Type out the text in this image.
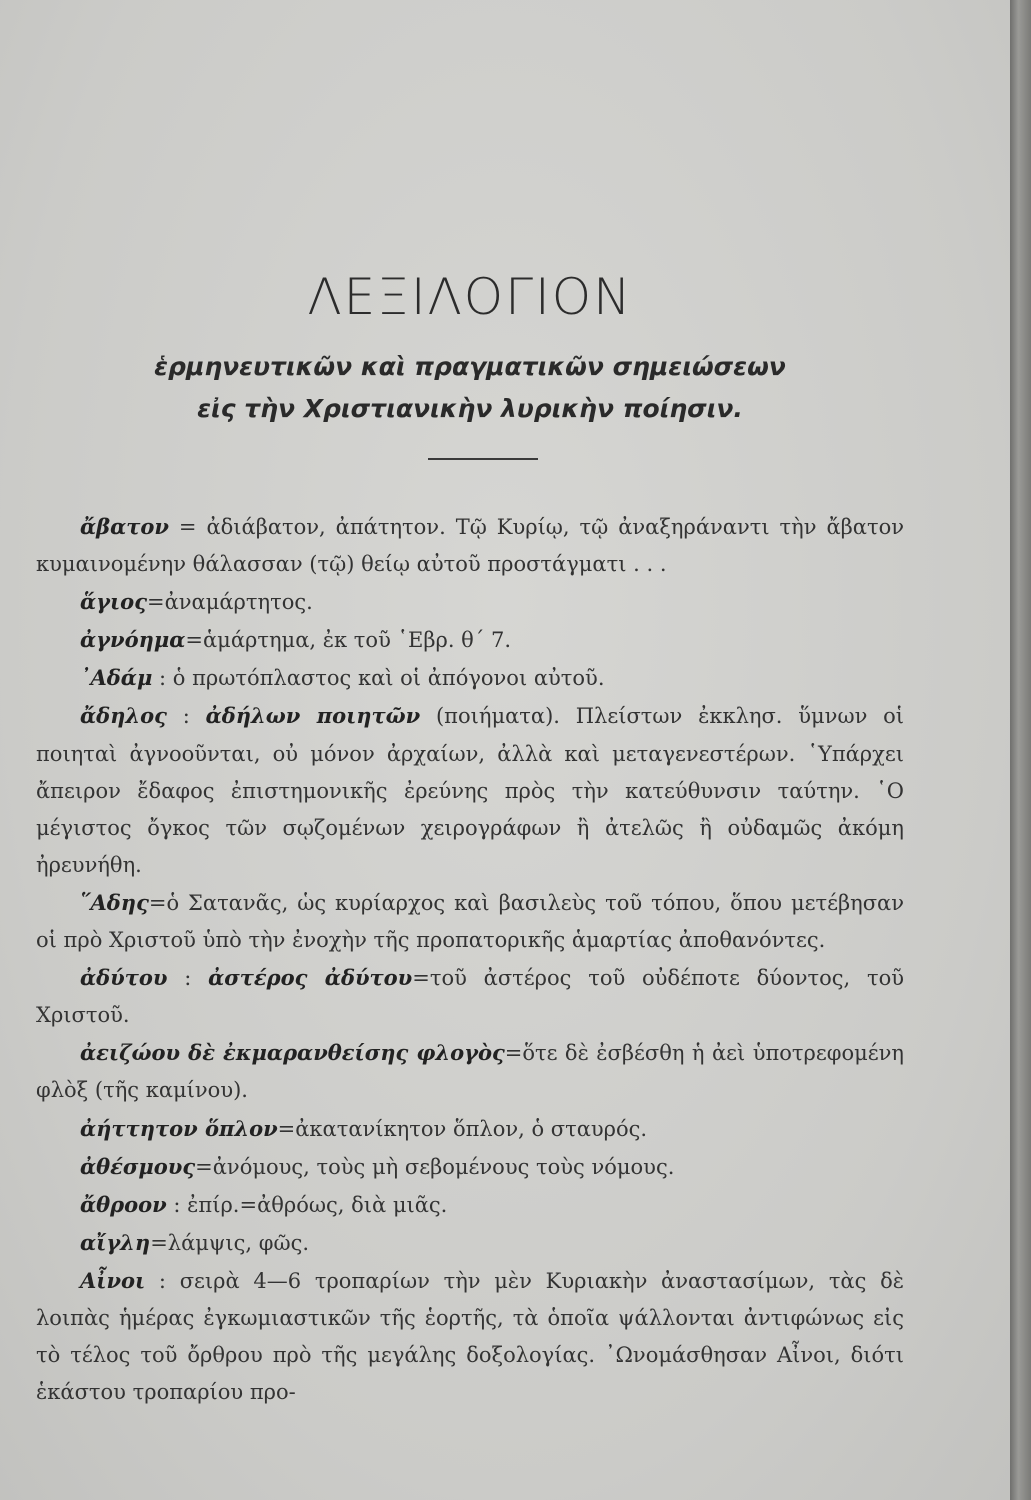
ΛΕΞΙΛΟΓΙΟΝ
ἑρμηνευτικῶν καὶ πραγματικῶν σημειώσεων
εἰς τὴν Χριστιανικὴν λυρικὴν ποίησιν.

ἄβατον = ἀδιάβατον, ἀπάτητον. Τῷ Κυρίῳ, τῷ ἀναξηράναντι τὴν ἄβατον κυμαινομένην θάλασσαν (τῷ) θείῳ αὐτοῦ προστάγματι . . .

ἅγιος=ἀναμάρτητος.

ἀγνόημα=ἁμάρτημα, ἐκ τοῦ ῾Εβρ. θ΄ 7.

᾿Αδάμ : ὁ πρωτόπλαστος καὶ οἱ ἀπόγονοι αὐτοῦ.

ἄδηλος : ἀδήλων ποιητῶν (ποιήματα). Πλείστων ἐκκλησ. ὕμνων οἱ ποιηταὶ ἀγνοοῦνται, οὐ μόνον ἀρχαίων, ἀλλὰ καὶ μεταγενεστέρων. ῾Υπάρχει ἄπειρον ἔδαφος ἐπιστημονικῆς ἐρεύνης πρὸς τὴν κατεύθυνσιν ταύτην. ῾Ο μέγιστος ὄγκος τῶν σῳζομένων χειρογράφων ἢ ἀτελῶς ἢ οὐδαμῶς ἀκόμη ἠρευνήθη.

῞Αδης=ὁ Σατανᾶς, ὡς κυρίαρχος καὶ βασιλεὺς τοῦ τόπου, ὅπου μετέβησαν οἱ πρὸ Χριστοῦ ὑπὸ τὴν ἐνοχὴν τῆς προπατορικῆς ἁμαρτίας ἀποθανόντες.

ἀδύτου : ἀστέρος ἀδύτου=τοῦ ἀστέρος τοῦ οὐδέποτε δύοντος, τοῦ Χριστοῦ.

ἀειζώου δὲ ἐκμαρανθείσης φλογὸς=ὅτε δὲ ἐσβέσθη ἡ ἀεὶ ὑποτρεφομένη φλὸξ (τῆς καμίνου).

ἀήττητον ὅπλον=ἀκατανίκητον ὅπλον, ὁ σταυρός.

ἀθέσμους=ἀνόμους, τοὺς μὴ σεβομένους τοὺς νόμους.

ἄθροον : ἐπίρ.=ἀθρόως, διὰ μιᾶς.

αἴγλη=λάμψις, φῶς.

Αἶνοι : σειρὰ 4—6 τροπαρίων τὴν μὲν Κυριακὴν ἀναστασίμων, τὰς δὲ λοιπὰς ἡμέρας ἐγκωμιαστικῶν τῆς ἑορτῆς, τὰ ὁποῖα ψάλλονται ἀντιφώνως εἰς τὸ τέλος τοῦ ὄρθρου πρὸ τῆς μεγάλης δοξολογίας. ᾿Ωνομάσθησαν Αἶνοι, διότι ἑκάστου τροπαρίου προ-
